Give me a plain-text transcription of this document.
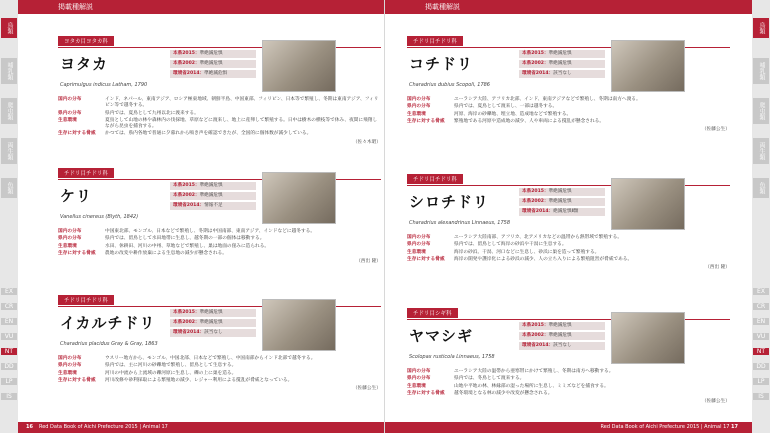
鳥類
哺乳類
爬虫類
両生類
魚類
EX
CR
EN
VU
NT
DD
LP
IS
掲載種解説
ヨタカ目ヨタカ科
ヨタカ
Caprimulgus indicus Latham, 1790
本県2015：準絶滅危惧
本県2002：準絶滅危惧
環境省2014：準絶滅危惧
国内の分布	インド、ネパール、東南アジア、ロシア極東地域、朝鮮半島、中国東部、フィリピン、日本等で繁殖し、冬期は東南アジア、フィリピン等で越冬する。
県内の分布	県内では、夏鳥として九州以北に渡来する。
生息環境	夏鳥として山地の林や森林内の伐採地、草原などに渡来し、地上に産卵して繁殖する。日中は樹木の横枝等で休み、夜間に飛翔しながら昆虫を捕食する。
生存に対する脅威	かつては、県内各地で普通に夕暮れから鳴き声を確認できたが、全国的に個体数が減少している。
（佐々木昭）
チドリ目チドリ科
ケリ
Vanellus cinereus (Blyth, 1842)
本県2015：準絶滅危惧
本県2002：準絶滅危惧
環境省2014：情報不足
国内の分布	中国東北部、モンゴル、日本などで繁殖し、冬期は中国南部、東南アジア、インドなどに越冬する。
県内の分布	県内では、留鳥として水田地帯に生息し、越冬期の一部の個体は移動する。
生息環境	水田、休耕田、河川の中州、草地などで繁殖し、巣は地面の窪みに造られる。
生存に対する脅威	農地の改変や耕作放棄による生息地の減少が懸念される。
（西出 隆）
チドリ目チドリ科
イカルチドリ
Charadrius placidus Gray & Gray, 1863
本県2015：準絶滅危惧
本県2002：準絶滅危惧
環境省2014：該当なし
国内の分布	ウスリー地方から、モンゴル、中国北部、日本などで繁殖し、中国南部からインド北部で越冬する。
県内の分布	県内では、主に河川の砂礫地で繁殖し、留鳥として生息する。
生息環境	河川の中流から上流域の礫河原に生息し、礫の上に巣を造る。
生存に対する脅威	河川改修や砂利採取による繁殖地の減少、レジャー利用による撹乱が脅威となっている。
（佐藤公生）
16 Red Data Book of Aichi Prefecture 2015 | Animal 17
掲載種解説
チドリ目チドリ科
コチドリ
Charadrius dubius Scopoli, 1786
本県2015：準絶滅危惧
本県2002：準絶滅危惧
環境省2014：該当なし
国内の分布	ユーラシア大陸、アフリカ北部、インド、東南アジアなどで繁殖し、冬期は南方へ渡る。
県内の分布	県内では、夏鳥として渡来し、一部は越冬する。
生息環境	河原、海岸の砂礫地、埋立地、造成地などで繁殖する。
生存に対する脅威	繁殖地である河原や造成地の減少、人や車両による撹乱が懸念される。
（佐藤公生）
チドリ目チドリ科
シロチドリ
Charadrius alexandrinus Linnaeus, 1758
本県2015：準絶滅危惧
本県2002：準絶滅危惧
環境省2014：絶滅危惧Ⅱ類
国内の分布	ユーラシア大陸南部、アフリカ、北アメリカなどの温帯から熱帯域で繁殖する。
県内の分布	県内では、留鳥として海岸の砂浜や干潟に生息する。
生息環境	海岸の砂浜、干潟、河口などに生息し、砂浜に巣を造って繁殖する。
生存に対する脅威	海岸の開発や護岸化による砂浜の減少、人の立ち入りによる繁殖阻害が脅威である。
（西出 隆）
チドリ目シギ科
ヤマシギ
Scolopax rusticola Linnaeus, 1758
本県2015：準絶滅危惧
本県2002：準絶滅危惧
環境省2014：該当なし
国内の分布	ユーラシア大陸の温帯から亜寒帯にかけて繁殖し、冬期は南方へ移動する。
県内の分布	県内では、冬鳥として渡来する。
生息環境	山地や平地の林、林縁部の湿った場所に生息し、ミミズなどを捕食する。
生存に対する脅威	越冬環境となる林の減少や改変が懸念される。
（佐藤公生）
Red Data Book of Aichi Prefecture 2015 | Animal 17 17
鳥類
哺乳類
爬虫類
両生類
魚類
EX
CR
EN
VU
NT
DD
LP
IS
